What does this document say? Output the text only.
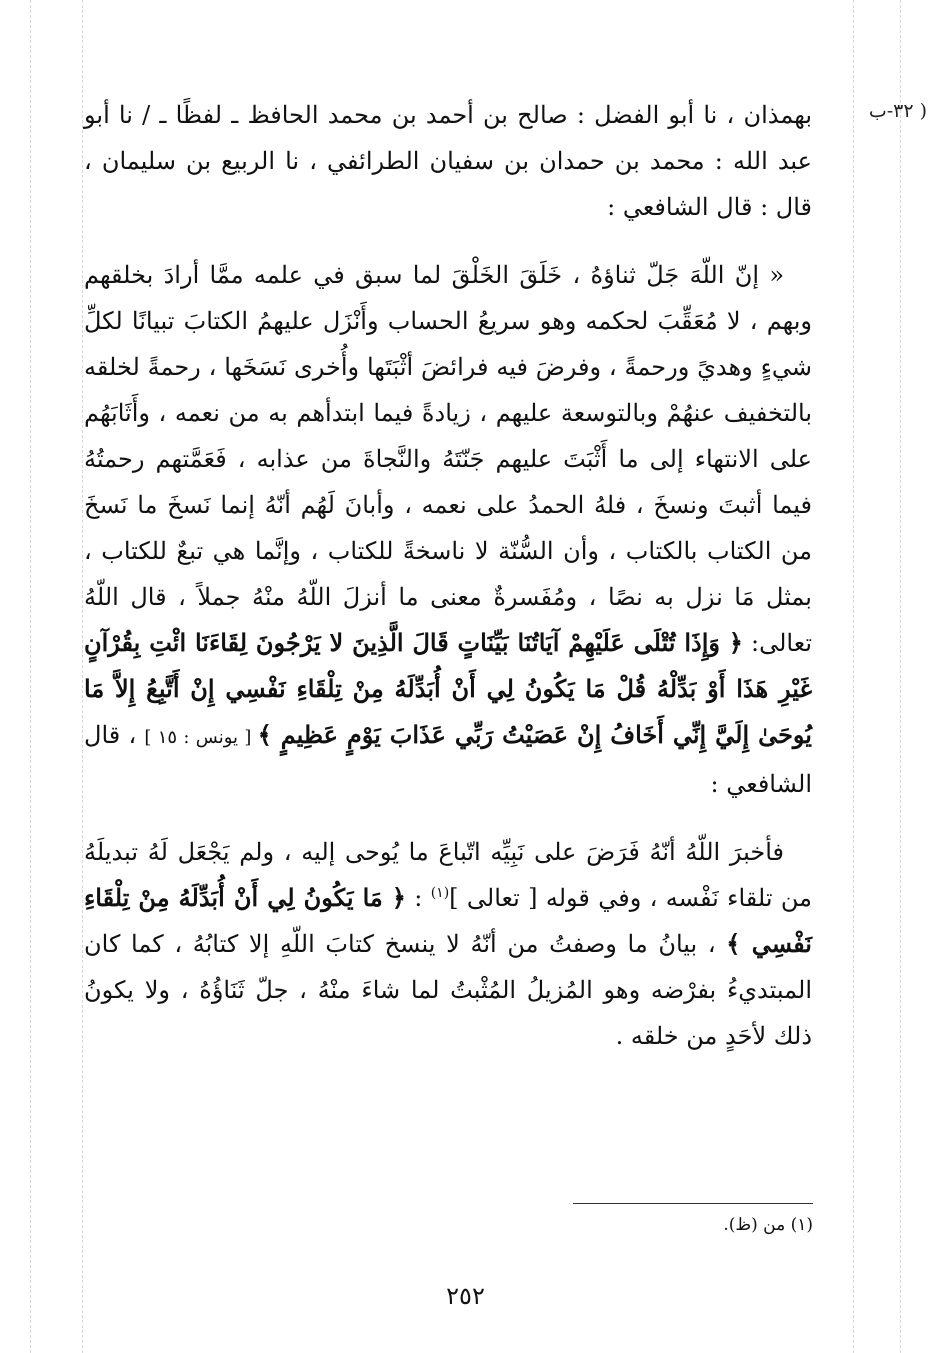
( ٣٢-ب

بهمذان ، نا أبو الفضل : صالح بن أحمد بن محمد الحافظ ـ لفظًا ـ / نا أبو عبد الله : محمد بن حمدان بن سفيان الطرائفي ، نا الربيع بن سليمان ، قال : قال الشافعي :

« إنّ اللّهَ جَلّ ثناؤهُ ، خَلَقَ الخَلْقَ لما سبق في علمه ممَّا أرادَ بخلقهم وبهم ، لا مُعَقِّبَ لحكمه وهو سريعُ الحساب وأَنْزَل عليهمُ الكتابَ تبيانًا لكلِّ شيءٍ وهديً ورحمةً ، وفرضَ فيه فرائضَ أثْبَتَها وأُخرى نَسَخَها ، رحمةً لخلقه بالتخفيف عنهُمْ وبالتوسعة عليهم ، زيادةً فيما ابتدأهم به من نعمه ، وأَثَابَهُم على الانتهاء إلى ما أَثْبَتَ عليهم جَنّتَهُ والنَّجاةَ من عذابه ، فَعَمَّتهم رحمتُهُ فيما أثبتَ ونسخَ ، فلهُ الحمدُ على نعمه ، وأبانَ لَهُم أنّهُ إنما نَسخَ ما نَسخَ من الكتاب بالكتاب ، وأن السُّنّة لا ناسخةً للكتاب ، وإنَّما هي تبعٌ للكتاب ، بمثل مَا نزل به نصًا ، ومُفَسرةٌ معنى ما أنزلَ اللّهُ منْهُ جملاً ، قال اللّهُ تعالى: ﴿ وَإِذَا تُتْلَى عَلَيْهِمْ آيَاتُنَا بَيِّنَاتٍ قَالَ الَّذِينَ لا يَرْجُونَ لِقَاءَنَا ائْتِ بِقُرْآنٍ غَيْرِ هَذَا أَوْ بَدِّلْهُ قُلْ مَا يَكُونُ لِي أَنْ أُبَدِّلَهُ مِنْ تِلْقَاءِ نَفْسِي إِنْ أَتَّبِعُ إِلاَّ مَا يُوحَىٰ إِلَيَّ إِنِّي أَخَافُ إِنْ عَصَيْتُ رَبِّي عَذَابَ يَوْمٍ عَظِيمٍ ﴾ [ يونس : ١٥ ] ، قال الشافعي :

فأخبرَ اللّهُ أنّهُ فَرَضَ على نَبِيِّه اتّباعَ ما يُوحى إليه ، ولم يَجْعَل لَهُ تبديلَهُ من تلقاء نَفْسه ، وفي قوله [ تعالى ]$^{(١)}$ : ﴿ مَا يَكُونُ لِي أَنْ أُبَدِّلَهُ مِنْ تِلْقَاءِ نَفْسِي ﴾ ، بيانُ ما وصفتُ من أنّهُ لا ينسخ كتابَ اللّهِ إلا كتابُهُ ، كما كان المبتديءُ بفرْضه وهو المُزيلُ المُثْبتُ لما شاءَ منْهُ ، جلّ ثَنَاؤُهُ ، ولا يكونُ ذلك لأحَدٍ من خلقه .

(١) من (ظ).
٢٥٢
